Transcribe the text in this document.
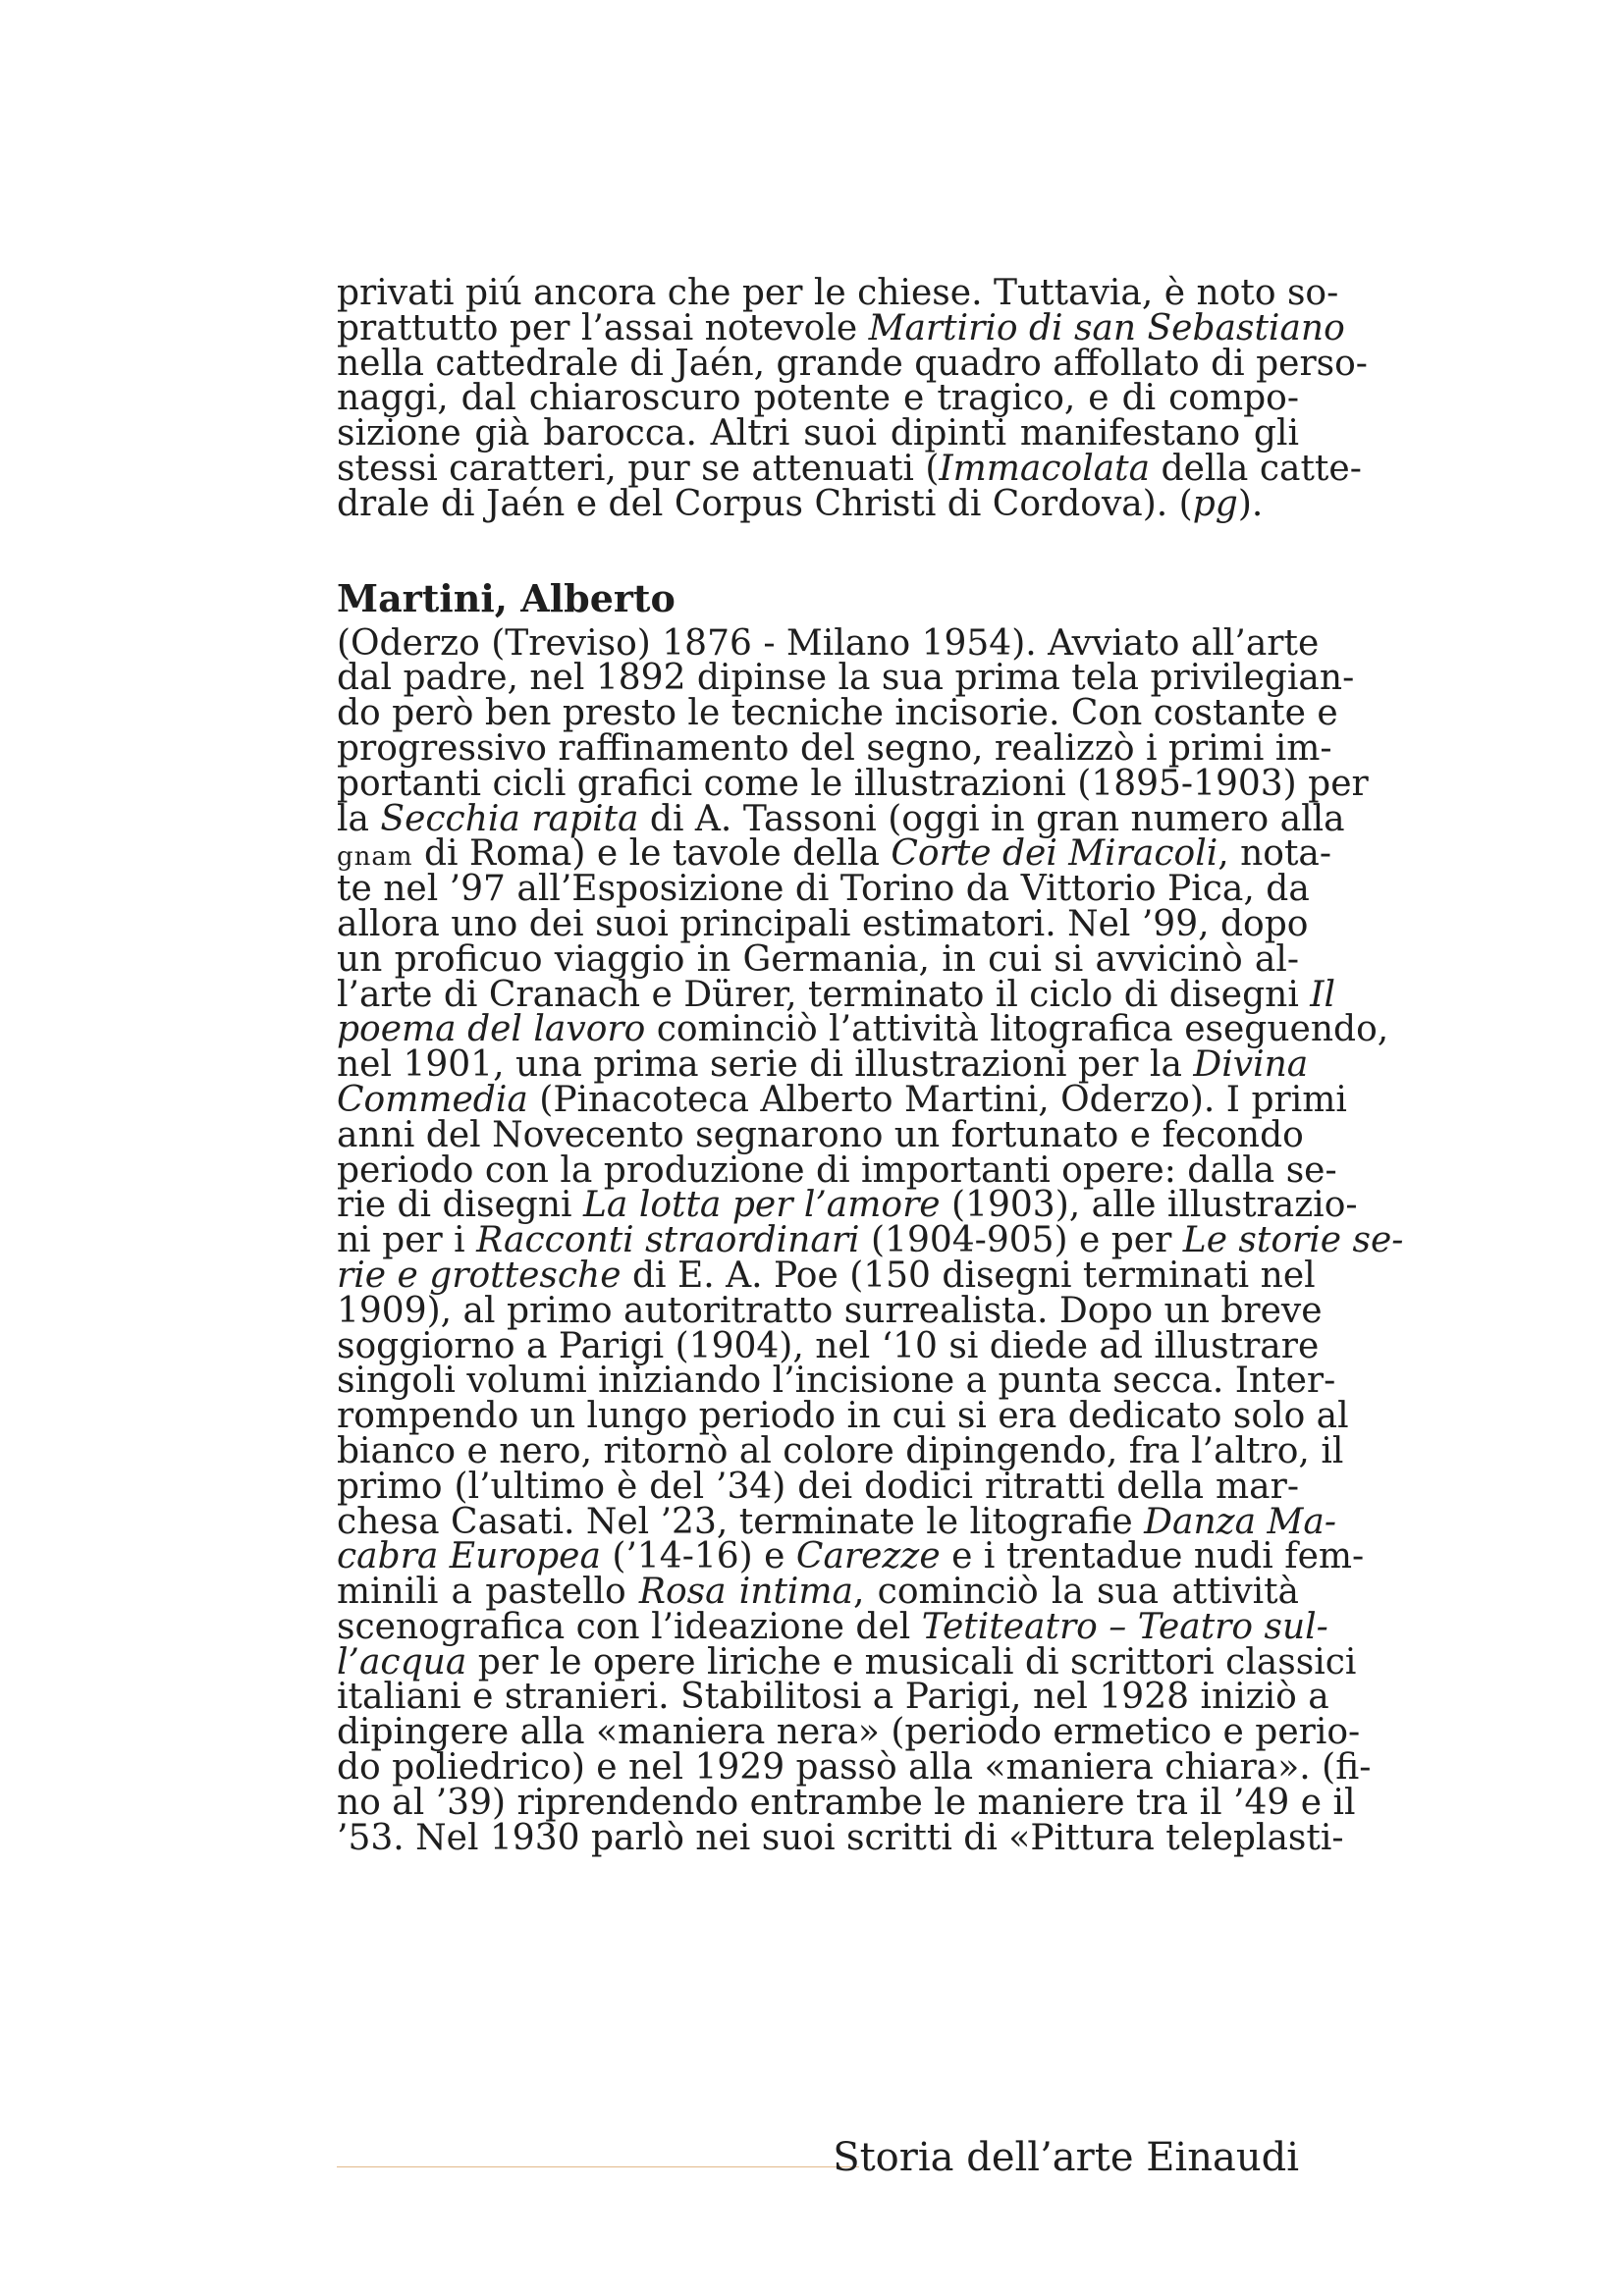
privati piú ancora che per le chiese. Tuttavia, è noto so-
prattutto per l’assai notevole Martirio di san Sebastiano
nella cattedrale di Jaén, grande quadro affollato di perso-
naggi, dal chiaroscuro potente e tragico, e di compo-
sizione già barocca. Altri suoi dipinti manifestano gli
stessi caratteri, pur se attenuati (Immacolata della catte-
drale di Jaén e del Corpus Christi di Cordova). (pg).
Martini, Alberto
(Oderzo (Treviso) 1876 - Milano 1954). Avviato all’arte
dal padre, nel 1892 dipinse la sua prima tela privilegian-
do però ben presto le tecniche incisorie. Con costante e
progressivo raffinamento del segno, realizzò i primi im-
portanti cicli grafici come le illustrazioni (1895-1903) per
la Secchia rapita di A. Tassoni (oggi in gran numero alla
gnam di Roma) e le tavole della Corte dei Miracoli, nota-
te nel ’97 all’Esposizione di Torino da Vittorio Pica, da
allora uno dei suoi principali estimatori. Nel ’99, dopo
un proficuo viaggio in Germania, in cui si avvicinò al-
l’arte di Cranach e Dürer, terminato il ciclo di disegni Il
poema del lavoro cominciò l’attività litografica eseguendo,
nel 1901, una prima serie di illustrazioni per la Divina
Commedia (Pinacoteca Alberto Martini, Oderzo). I primi
anni del Novecento segnarono un fortunato e fecondo
periodo con la produzione di importanti opere: dalla se-
rie di disegni La lotta per l’amore (1903), alle illustrazio-
ni per i Racconti straordinari (1904-905) e per Le storie se-
rie e grottesche di E. A. Poe (150 disegni terminati nel
1909), al primo autoritratto surrealista. Dopo un breve
soggiorno a Parigi (1904), nel ‘10 si diede ad illustrare
singoli volumi iniziando l’incisione a punta secca. Inter-
rompendo un lungo periodo in cui si era dedicato solo al
bianco e nero, ritornò al colore dipingendo, fra l’altro, il
primo (l’ultimo è del ’34) dei dodici ritratti della mar-
chesa Casati. Nel ’23, terminate le litografie Danza Ma-
cabra Europea (’14-16) e Carezze e i trentadue nudi fem-
minili a pastello Rosa intima, cominciò la sua attività
scenografica con l’ideazione del Tetiteatro – Teatro sul-
l’acqua per le opere liriche e musicali di scrittori classici
italiani e stranieri. Stabilitosi a Parigi, nel 1928 iniziò a
dipingere alla «maniera nera» (periodo ermetico e perio-
do poliedrico) e nel 1929 passò alla «maniera chiara». (fi-
no al ’39) riprendendo entrambe le maniere tra il ’49 e il
’53. Nel 1930 parlò nei suoi scritti di «Pittura teleplasti-
Storia dell’arte Einaudi
